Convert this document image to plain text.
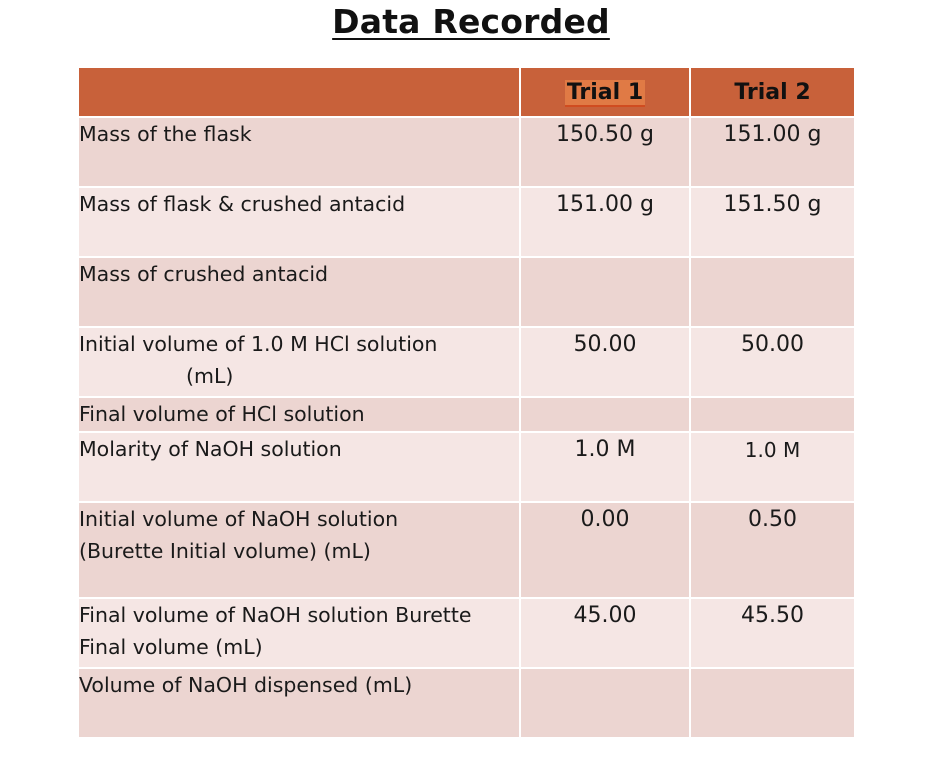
Data Recorded
	Trial 1	Trial 2
Mass of the flask	150.50 g	151.00 g
Mass of flask & crushed antacid	151.00 g	151.50 g
Mass of crushed antacid		

Initial volume of 1.0 M HCl solution
(mL)	50.00	50.00
Final volume of HCl solution		
Molarity of NaOH solution	1.0 M	1.0 M

Initial volume of NaOH solution
(Burette Initial volume) (mL)	0.00	0.50

Final volume of NaOH solution Burette
Final volume (mL)	45.00	45.50
Volume of NaOH dispensed (mL)		
